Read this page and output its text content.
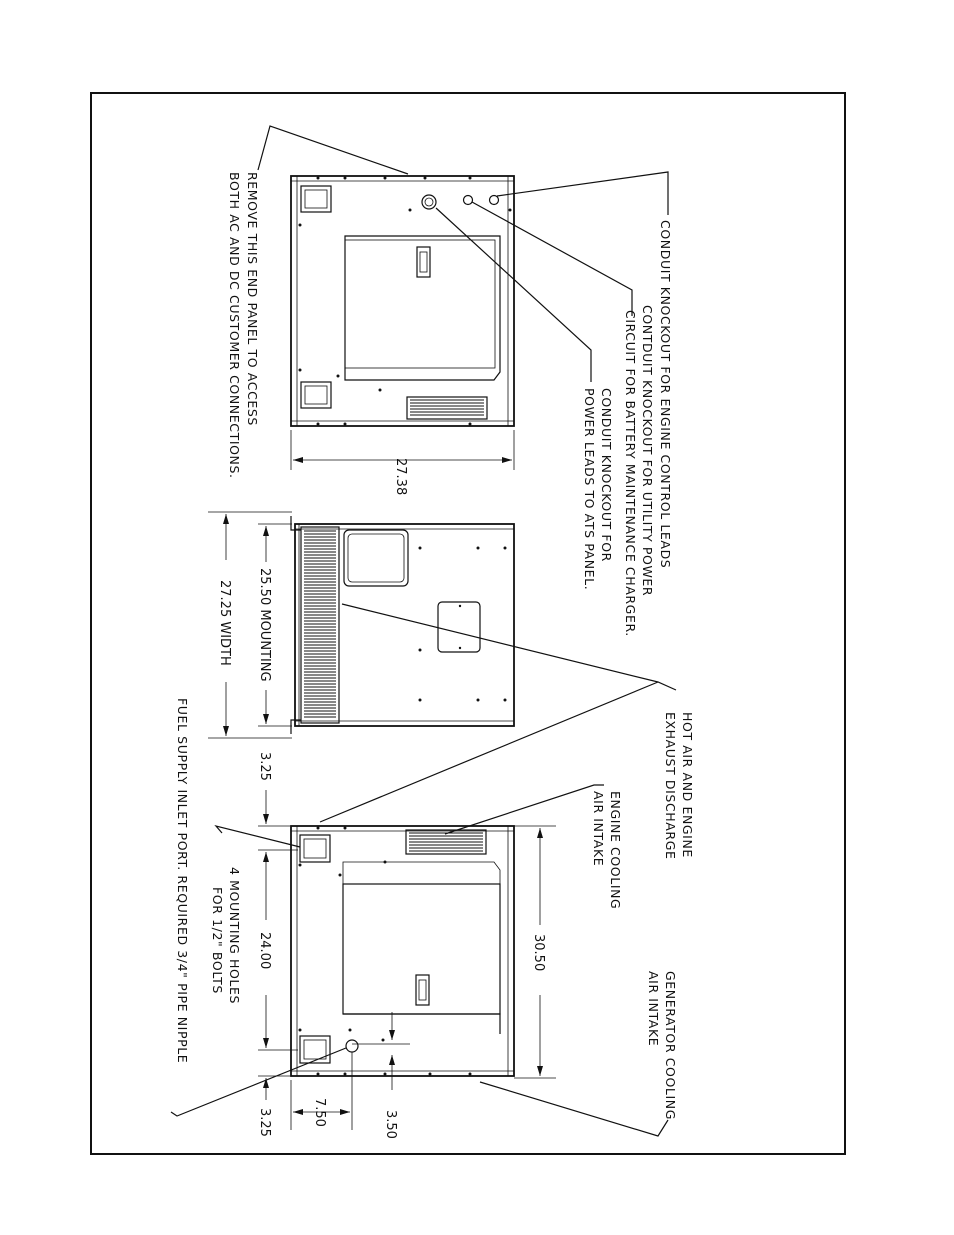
CONDUIT KNOCKOUT FOR ENGINE CONTROL LEADS
CONTDUIT KNOCKOUT FOR UTILITY POWER
CIRCUIT FOR BATTERY MAINTENANCE CHARGER.
CONDUIT KNOCKOUT FOR
POWER LEADS TO ATS PANEL.
REMOVE THIS END PANEL TO ACCESS
BOTH AC AND DC CUSTOMER CONNECTIONS.
HOT AIR AND ENGINE
EXHAUST DISCHARGE
ENGINE COOLING
AIR INTAKE
GENERATOR COOLING
AIR INTAKE
4 MOUNTING HOLES
FOR 1/2" BOLTS
FUEL SUPPLY INLET PORT. REQUIRED 3/4" PIPE NIPPLE
27.38
25.50 MOUNTING
27.25 WIDTH
3.25
24.00
3.25	7.50	3.50
30.50
